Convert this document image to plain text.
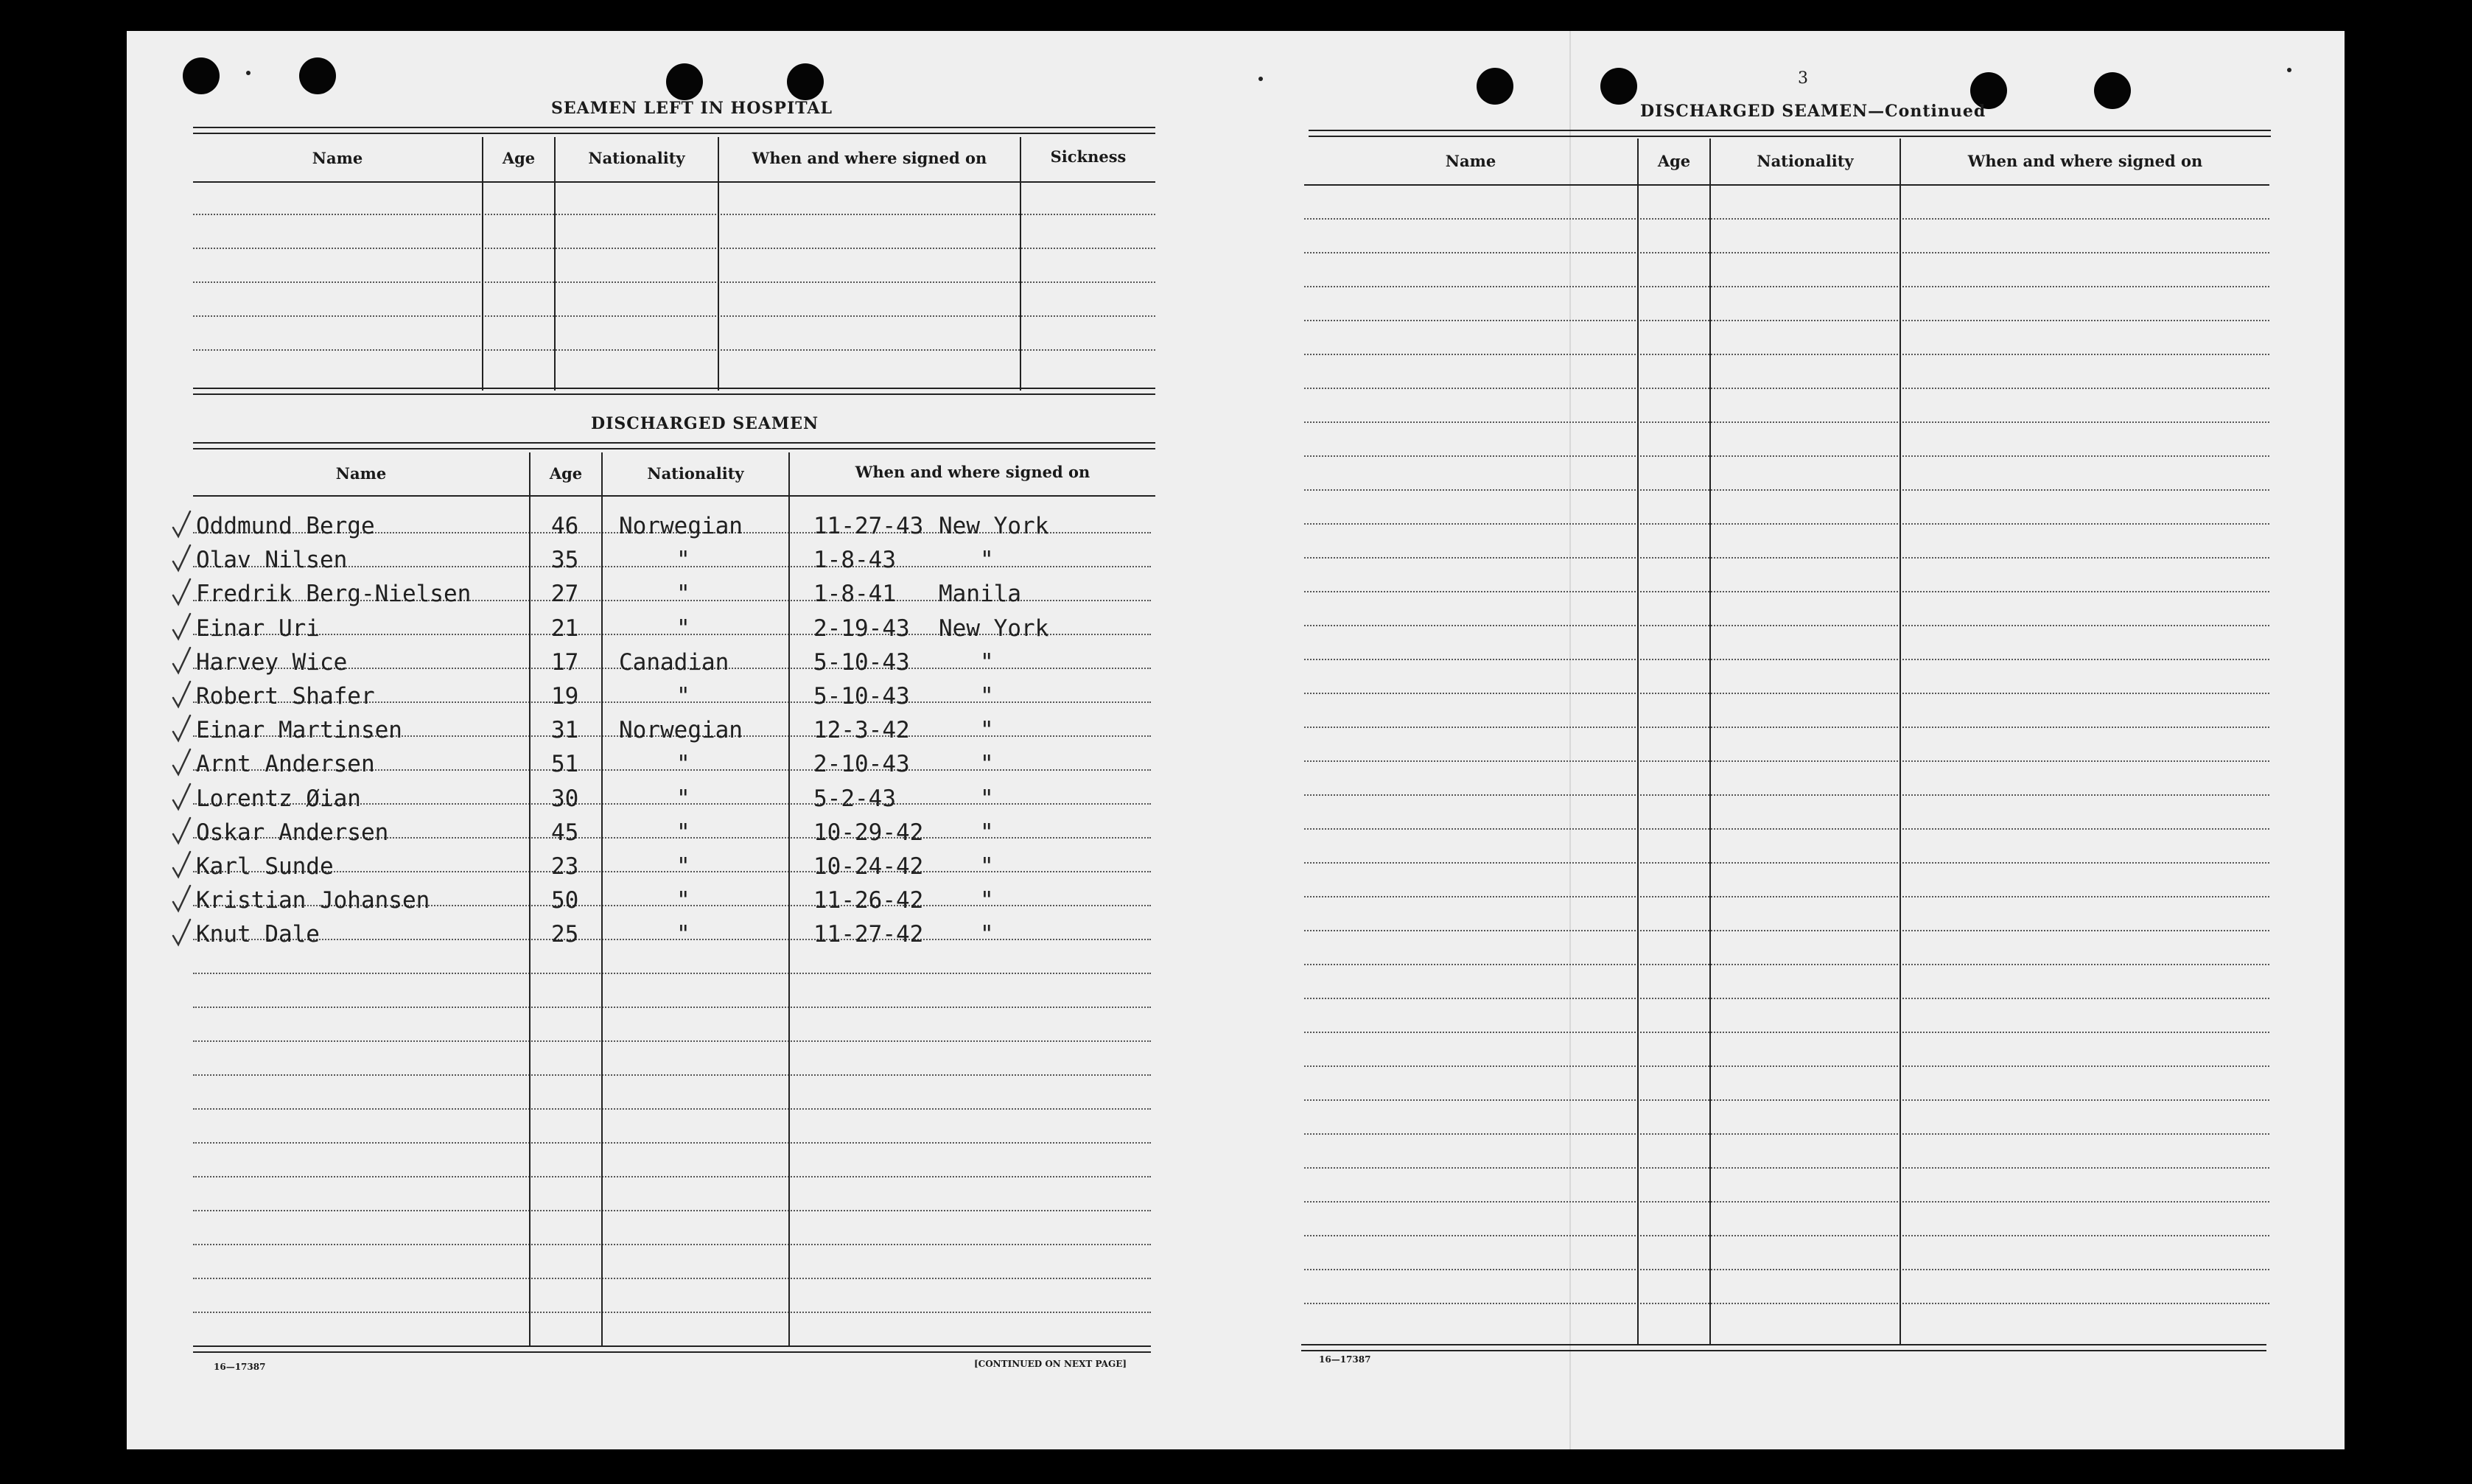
SEAMEN LEFT IN HOSPITAL
Name	Age	Nationality	When and where signed on	Sickness
DISCHARGED SEAMEN
Name	Age	Nationality	When and where signed on
Oddmund Berge	46 Norwegian	11-27-43 New York
Olav Nilsen	35	"	1-8-43	"
Fredrik Berg-Nielsen	27	"	1-8-41 Manila
Einar Uri	21	"	2-19-43 New York
Harvey Wice	17 Canadian	5-10-43	"
Robert Shafer	19	"	5-10-43	"
Einar Martinsen	31 Norwegian	12-3-42	"
Arnt Andersen	51	"	2-10-43	"
Lorentz Øian	30	"	5-2-43	"
Oskar Andersen	45	"	10-29-42 "
Karl Sunde	23	"	10-24-42 "
Kristian Johansen	50	"	11-26-42 "
Knut Dale	25	"	11-27-42 "
16—17387	[CONTINUED ON NEXT PAGE]
3
DISCHARGED SEAMEN—Continued
Name	Age	Nationality	When and where signed on
16—17387
